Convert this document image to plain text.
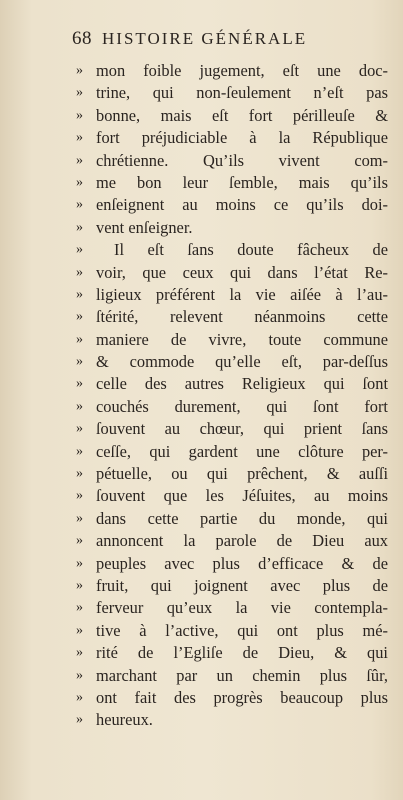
68 HISTOIRE GÉNÉRALE
» mon foible jugement, eſt une doc-
» trine, qui non-ſeulement n’eſt pas
» bonne, mais eſt fort périlleuſe &
» fort préjudiciable à la République
» chrétienne. Qu’ils vivent com-
» me bon leur ſemble, mais qu’ils
» enſeignent au moins ce qu’ils doi-
» vent enſeigner.
»	Il eſt ſans doute fâcheux de
» voir, que ceux qui dans l’état Re-
» ligieux préférent la vie aiſée à l’au-
» ſtérité, relevent néanmoins cette
» maniere de vivre, toute commune
» & commode qu’elle eſt, par-deſſus
» celle des autres Religieux qui ſont
» couchés durement, qui ſont fort
» ſouvent au chœur, qui prient ſans
» ceſſe, qui gardent une clôture per-
» pétuelle, ou qui prêchent, & auſſi
» ſouvent que les Jéſuites, au moins
» dans cette partie du monde, qui
» annoncent la parole de Dieu aux
» peuples avec plus d’efficace & de
» fruit, qui joignent avec plus de
» ferveur qu’eux la vie contempla-
» tive à l’active, qui ont plus mé-
» rité de l’Egliſe de Dieu, & qui
» marchant par un chemin plus ſûr,
» ont fait des progrès beaucoup plus
» heureux.
